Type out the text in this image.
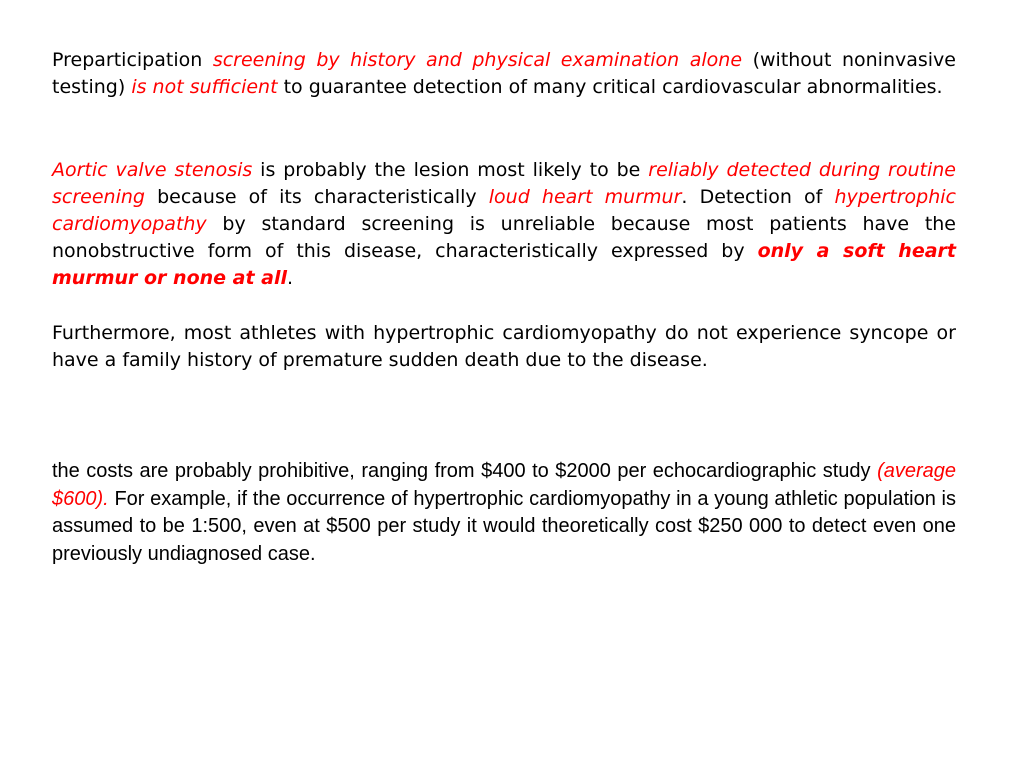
Preparticipation screening by history and physical examination alone (without noninvasive testing) is not sufficient to guarantee detection of many critical cardiovascular abnormalities.

Aortic valve stenosis is probably the lesion most likely to be reliably detected during routine screening because of its characteristically loud heart murmur. Detection of hypertrophic cardiomyopathy by standard screening is unreliable because most patients have the nonobstructive form of this disease, characteristically expressed by only a soft heart murmur or none at all.

Furthermore, most athletes with hypertrophic cardiomyopathy do not experience syncope or have a family history of premature sudden death due to the disease.

the costs are probably prohibitive, ranging from $400 to $2000 per echocardiographic study (average $600). For example, if the occurrence of hypertrophic cardiomyopathy in a young athletic population is assumed to be 1:500, even at $500 per study it would theoretically cost $250 000 to detect even one previously undiagnosed case.
